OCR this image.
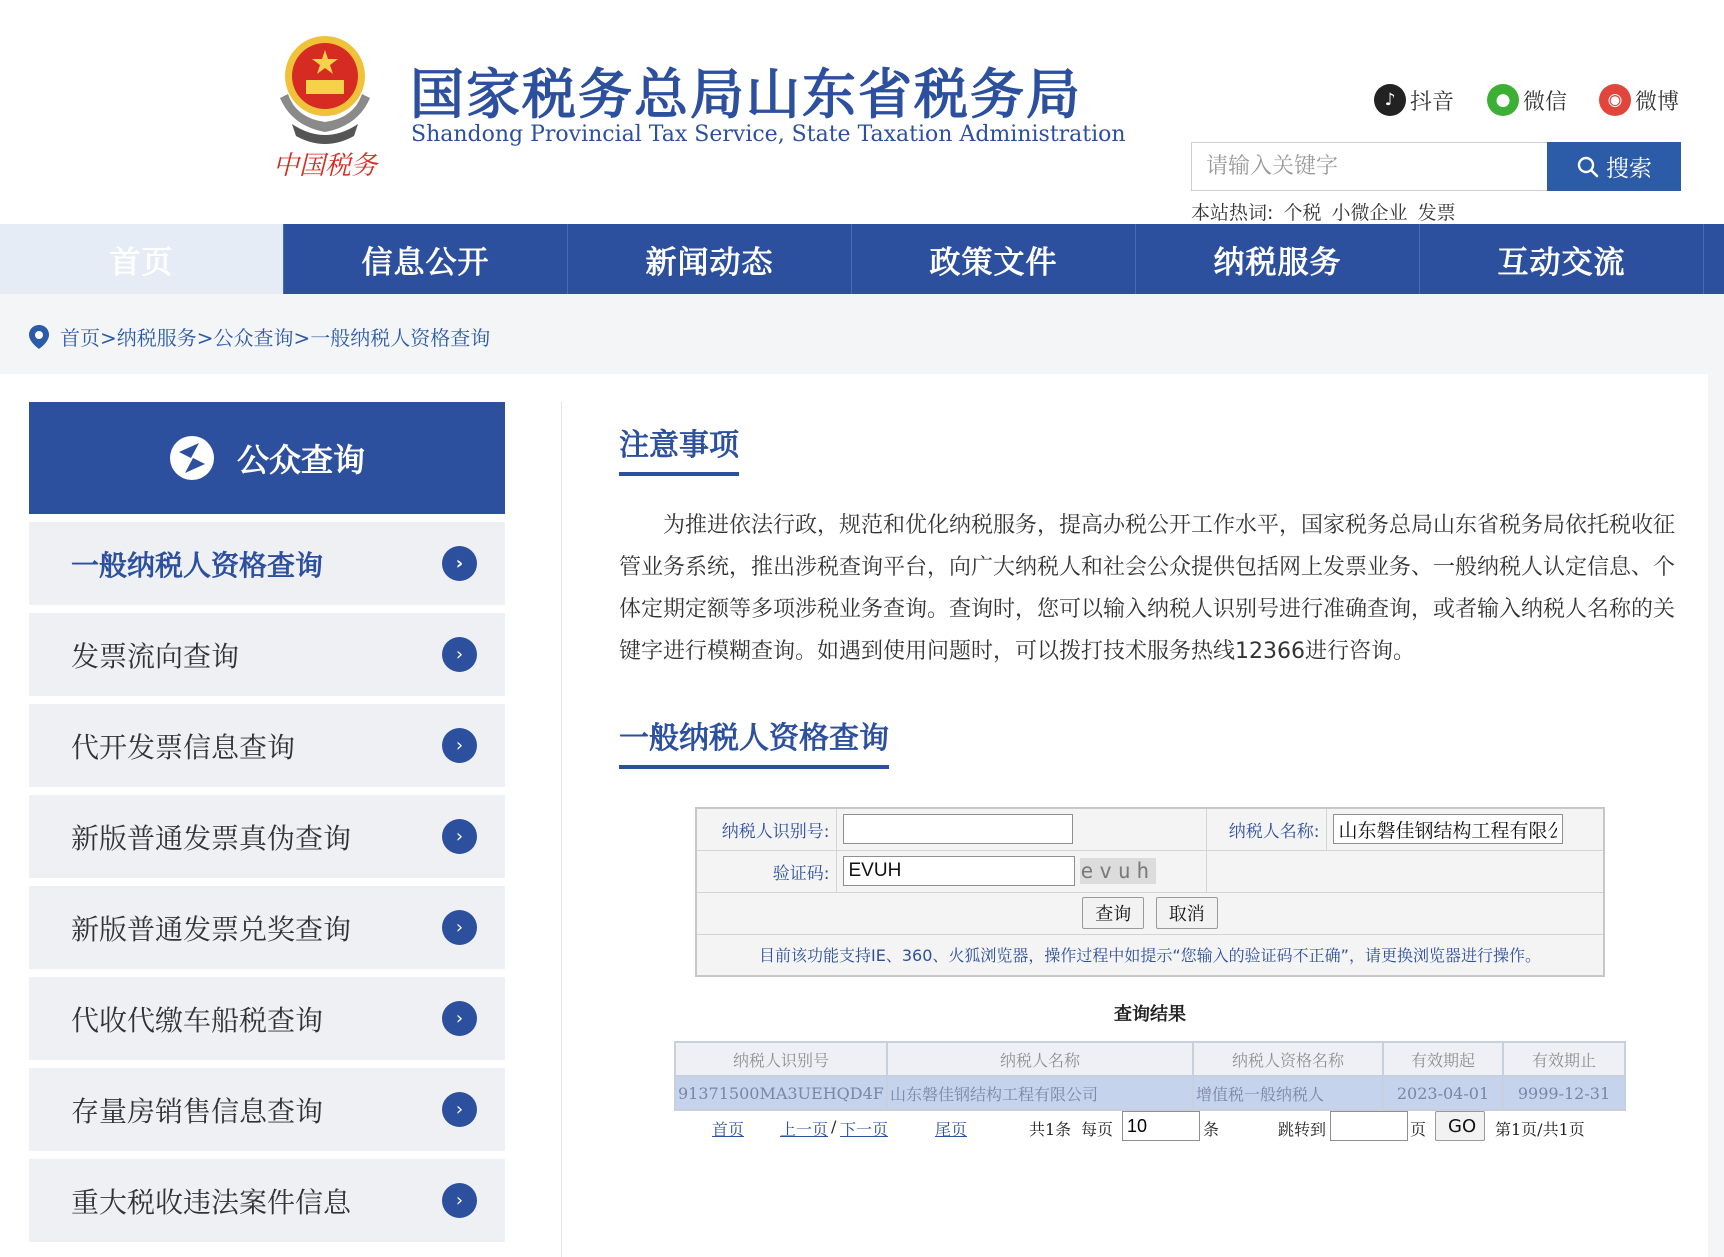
中国税务
国家税务总局山东省税务局
Shandong Provincial Tax Service, State Taxation Administration
♪ 抖音	● 微信	◉ 微博
请输入关键字
搜索
本站热词: 个税 小微企业 发票
首页	信息公开	新闻动态	政策文件	纳税服务	互动交流
首页> 纳税服务> 公众查询> 一般纳税人资格查询
公众查询
一般纳税人资格查询	›
发票流向查询	›
代开发票信息查询	›
新版普通发票真伪查询	›
新版普通发票兑奖查询	›
代收代缴车船税查询	›
存量房销售信息查询	›
重大税收违法案件信息	›
注意事项
为推进依法行政，规范和优化纳税服务，提高办税公开工作水平，国家税务总局山东省税务局依托税收征管业务系统，推出涉税查询平台，向广大纳税人和社会公众提供包括网上发票业务、一般纳税人认定信息、个体定期定额等多项涉税业务查询。查询时，您可以输入纳税人识别号进行准确查询，或者输入纳税人名称的关键字进行模糊查询。如遇到使用问题时，可以拨打技术服务热线12366进行咨询。
一般纳税人资格查询
纳税人识别号:		纳税人名称:	山东磐佳钢结构工程有限公司
验证码:	EVUHevuh	
查询 取消			
目前该功能支持IE、360、火狐浏览器，操作过程中如提示“您输入的验证码不正确”，请更换浏览器进行操作。			
查询结果
纳税人识别号	纳税人名称	纳税人资格名称	有效期起	有效期止
91371500MA3UEHQD4F	山东磐佳钢结构工程有限公司	增值税一般纳税人	2023-04-01	9999-12-31
首页 上一页 / 下一页	尾页	共1条 每页
10	条	跳转到	页	GO	第1页/共1页
